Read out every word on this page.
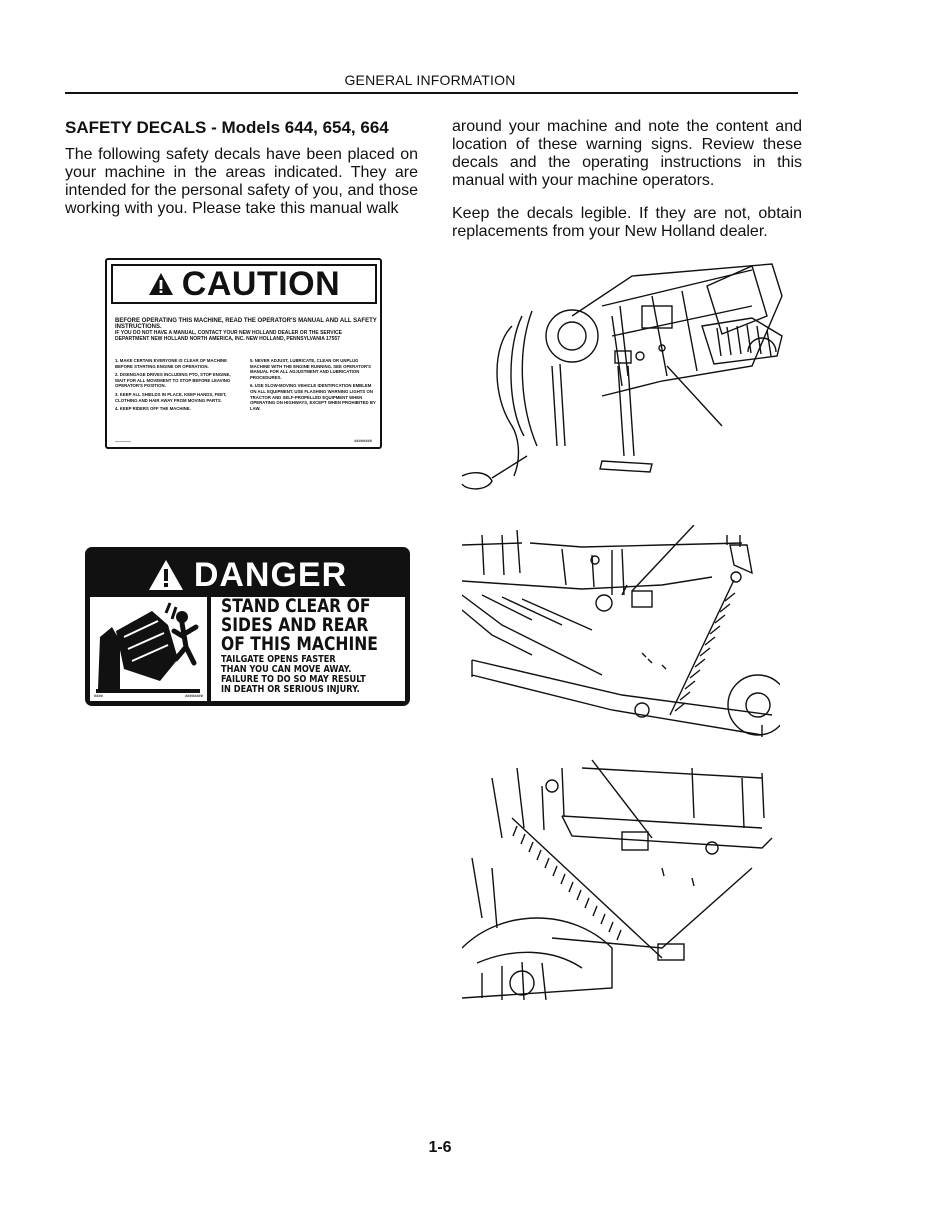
GENERAL INFORMATION
SAFETY DECALS - Models 644, 654, 664
The following safety decals have been placed on your machine in the areas indicated. They are intended for the personal safety of you, and those working with you. Please take this manual walk
around your machine and note the content and location of these warning signs. Review these decals and the operating instructions in this manual with your machine operators.
Keep the decals legible. If they are not, obtain replacements from your New Holland dealer.
CAUTION
BEFORE OPERATING THIS MACHINE, READ THE OPERATOR'S MANUAL AND ALL SAFETY INSTRUCTIONS.
IF YOU DO NOT HAVE A MANUAL, CONTACT YOUR NEW HOLLAND DEALER OR THE SERVICE DEPARTMENT NEW HOLLAND NORTH AMERICA, INC. NEW HOLLAND, PENNSYLVANIA 17557

1. MAKE CERTAIN EVERYONE IS CLEAR OF MACHINE BEFORE STARTING ENGINE OR OPERATION.

2. DISENGAGE DRIVES INCLUDING PTO, STOP ENGINE, WAIT FOR ALL MOVEMENT TO STOP BEFORE LEAVING OPERATOR'S POSITION.

3. KEEP ALL SHIELDS IN PLACE. KEEP HANDS, FEET, CLOTHING AND HAIR AWAY FROM MOVING PARTS.

4. KEEP RIDERS OFF THE MACHINE.

5. NEVER ADJUST, LUBRICATE, CLEAN OR UNPLUG MACHINE WITH THE ENGINE RUNNING. SEE OPERATOR'S MANUAL FOR ALL ADJUSTMENT AND LUBRICATION PROCEDURES.

6. USE SLOW-MOVING VEHICLE IDENTIFICATION EMBLEM ON ALL EQUIPMENT. USE FLASHING WARNING LIGHTS ON TRACTOR AND SELF-PROPELLED EQUIPMENT WHEN OPERATING ON HIGHWAYS, EXCEPT WHEN PROHIBITED BY LAW.

————	########
DANGER
####	########
STAND CLEAR OF
SIDES AND REAR
OF THIS MACHINE
TAILGATE OPENS FASTER
THAN YOU CAN MOVE AWAY.
FAILURE TO DO SO MAY RESULT
IN DEATH OR SERIOUS INJURY.
1-6
